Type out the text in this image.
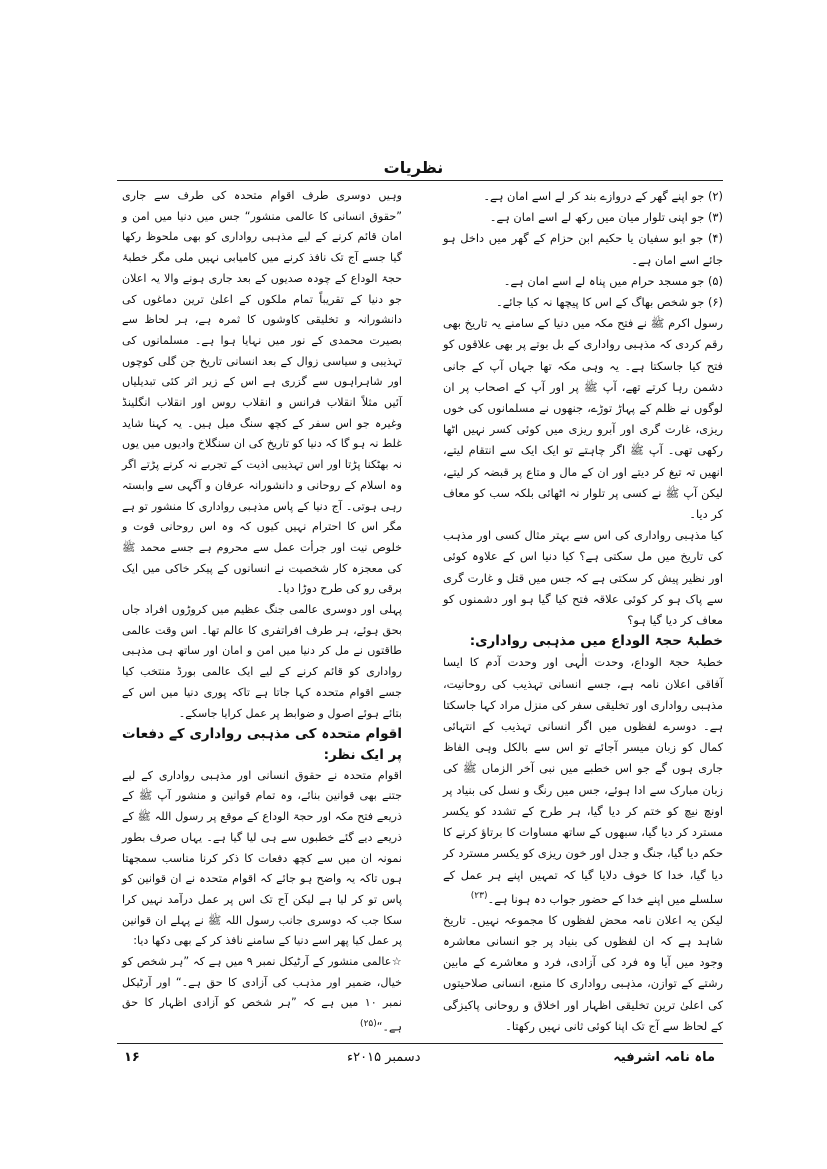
نظریات

(۲) جو اپنے گھر کے دروازے بند کر لے اسے امان ہے۔

(۳) جو اپنی تلوار میان میں رکھ لے اسے امان ہے۔

(۴) جو ابو سفیان یا حکیم ابن حزام کے گھر میں داخل ہو جائے اسے امان ہے۔

(۵) جو مسجد حرام میں پناہ لے اسے امان ہے۔

(۶) جو شخص بھاگ کے اس کا پیچھا نہ کیا جائے۔

رسول اکرم ﷺ نے فتح مکہ میں دنیا کے سامنے یہ تاریخ بھی رقم کردی کہ مذہبی رواداری کے بل بوتے پر بھی علاقوں کو فتح کیا جاسکتا ہے۔ یہ وہی مکہ تھا جہاں آپ کے جانی دشمن رہا کرتے تھے، آپ ﷺ پر اور آپ کے اصحاب پر ان لوگوں نے ظلم کے پہاڑ توڑے، جنھوں نے مسلمانوں کی خوں ریزی، غارت گری اور آبرو ریزی میں کوئی کسر نہیں اٹھا رکھی تھی۔ آپ ﷺ اگر چاہتے تو ایک ایک سے انتقام لیتے، انھیں تہ تیغ کر دیتے اور ان کے مال و متاع پر قبضہ کر لیتے، لیکن آپ ﷺ نے کسی پر تلوار نہ اٹھائی بلکہ سب کو معاف کر دیا۔

کیا مذہبی رواداری کی اس سے بہتر مثال کسی اور مذہب کی تاریخ میں مل سکتی ہے؟ کیا دنیا اس کے علاوہ کوئی اور نظیر پیش کر سکتی ہے کہ جس میں قتل و غارت گری سے پاک ہو کر کوئی علاقہ فتح کیا گیا ہو اور دشمنوں کو معاف کر دیا گیا ہو؟

خطبۂ حجۃ الوداع میں مذہبی رواداری:

خطبۂ حجۃ الوداع، وحدت الٰہی اور وحدت آدم کا ایسا آفاقی اعلان نامہ ہے، جسے انسانی تہذیب کی روحانیت، مذہبی رواداری اور تخلیقی سفر کی منزل مراد کہا جاسکتا ہے۔ دوسرے لفظوں میں اگر انسانی تہذیب کے انتہائی کمال کو زبان میسر آجائے تو اس سے بالکل وہی الفاظ جاری ہوں گے جو اس خطبے میں نبی آخر الزماں ﷺ کی زبان مبارک سے ادا ہوئے، جس میں رنگ و نسل کی بنیاد پر اونچ نیچ کو ختم کر دیا گیا، ہر طرح کے تشدد کو یکسر مسترد کر دیا گیا، سبھوں کے ساتھ مساوات کا برتاؤ کرنے کا حکم دیا گیا، جنگ و جدل اور خون ریزی کو یکسر مسترد کر دیا گیا، خدا کا خوف دلایا گیا کہ تمہیں اپنے ہر عمل کے سلسلے میں اپنے خدا کے حضور جواب دہ ہونا ہے۔$^{(۲۳)}$

لیکن یہ اعلان نامہ محض لفظوں کا مجموعہ نہیں۔ تاریخ شاہد ہے کہ ان لفظوں کی بنیاد پر جو انسانی معاشرہ وجود میں آیا وہ فرد کی آزادی، فرد و معاشرے کے مابین رشتے کے توازن، مذہبی رواداری کا منبع، انسانی صلاحیتوں کی اعلیٰ ترین تخلیقی اظہار اور اخلاق و روحانی پاکیزگی کے لحاظ سے آج تک اپنا کوئی ثانی نہیں رکھتا۔

وہیں دوسری طرف اقوام متحدہ کی طرف سے جاری ”حقوق انسانی کا عالمی منشور“ جس میں دنیا میں امن و امان قائم کرنے کے لیے مذہبی رواداری کو بھی ملحوظ رکھا گیا جسے آج تک نافذ کرنے میں کامیابی نہیں ملی مگر خطبۂ حجۃ الوداع کے چودہ صدیوں کے بعد جاری ہونے والا یہ اعلان جو دنیا کے تقریباً تمام ملکوں کے اعلیٰ ترین دماغوں کی دانشورانہ و تخلیقی کاوشوں کا ثمرہ ہے، ہر لحاظ سے بصیرت محمدی کے نور میں نہایا ہوا ہے۔ مسلمانوں کی تہذیبی و سیاسی زوال کے بعد انسانی تاریخ جن گلی کوچوں اور شاہراہوں سے گزری ہے اس کے زیر اثر کئی تبدیلیاں آئیں مثلاً انقلاب فرانس و انقلاب روس اور انقلاب انگلینڈ وغیرہ جو اس سفر کے کچھ سنگ میل ہیں۔ یہ کہنا شاید غلط نہ ہو گا کہ دنیا کو تاریخ کی ان سنگلاخ وادیوں میں یوں نہ بھٹکنا پڑتا اور اس تہذیبی اذیت کے تجربے نہ کرنے پڑتے اگر وہ اسلام کے روحانی و دانشورانہ عرفان و آگہی سے وابستہ رہی ہوتی۔ آج دنیا کے پاس مذہبی رواداری کا منشور تو ہے مگر اس کا احترام نہیں کیوں کہ وہ اس روحانی قوت و خلوص نیت اور جرأت عمل سے محروم ہے جسے محمد ﷺ کی معجزہ کار شخصیت نے انسانوں کے پیکر خاکی میں ایک برقی رو کی طرح دوڑا دیا۔

پہلی اور دوسری عالمی جنگ عظیم میں کروڑوں افراد جاں بحق ہوئے، ہر طرف افراتفری کا عالم تھا۔ اس وقت عالمی طاقتوں نے مل کر دنیا میں امن و امان اور ساتھ ہی مذہبی رواداری کو قائم کرنے کے لیے ایک عالمی بورڈ منتخب کیا جسے اقوام متحدہ کہا جاتا ہے تاکہ پوری دنیا میں اس کے بتائے ہوئے اصول و ضوابط پر عمل کرایا جاسکے۔

اقوام متحدہ کی مذہبی رواداری کے دفعات پر ایک نظر:

اقوام متحدہ نے حقوق انسانی اور مذہبی رواداری کے لیے جتنے بھی قوانین بنائے، وہ تمام قوانین و منشور آپ ﷺ کے ذریعے فتح مکہ اور حجۃ الوداع کے موقع پر رسول اللہ ﷺ کے ذریعے دیے گئے خطبوں سے ہی لیا گیا ہے۔ یہاں صرف بطور نمونہ ان میں سے کچھ دفعات کا ذکر کرنا مناسب سمجھتا ہوں تاکہ یہ واضح ہو جائے کہ اقوام متحدہ نے ان قوانین کو پاس تو کر لیا ہے لیکن آج تک اس پر عمل درآمد نہیں کرا سکا جب کہ دوسری جانب رسول اللہ ﷺ نے پہلے ان قوانین پر عمل کیا پھر اسے دنیا کے سامنے نافذ کر کے بھی دکھا دیا:

☆عالمی منشور کے آرٹیکل نمبر ۹ میں ہے کہ ”ہر شخص کو خیال، ضمیر اور مذہب کی آزادی کا حق ہے۔“ اور آرٹیکل نمبر ۱۰ میں ہے کہ ”ہر شخص کو آزادی اظہار کا حق ہے۔“$^{(۲۵)}$

ماہ نامہ اشرفیہ
دسمبر ۲۰۱۵ء
۱۶
